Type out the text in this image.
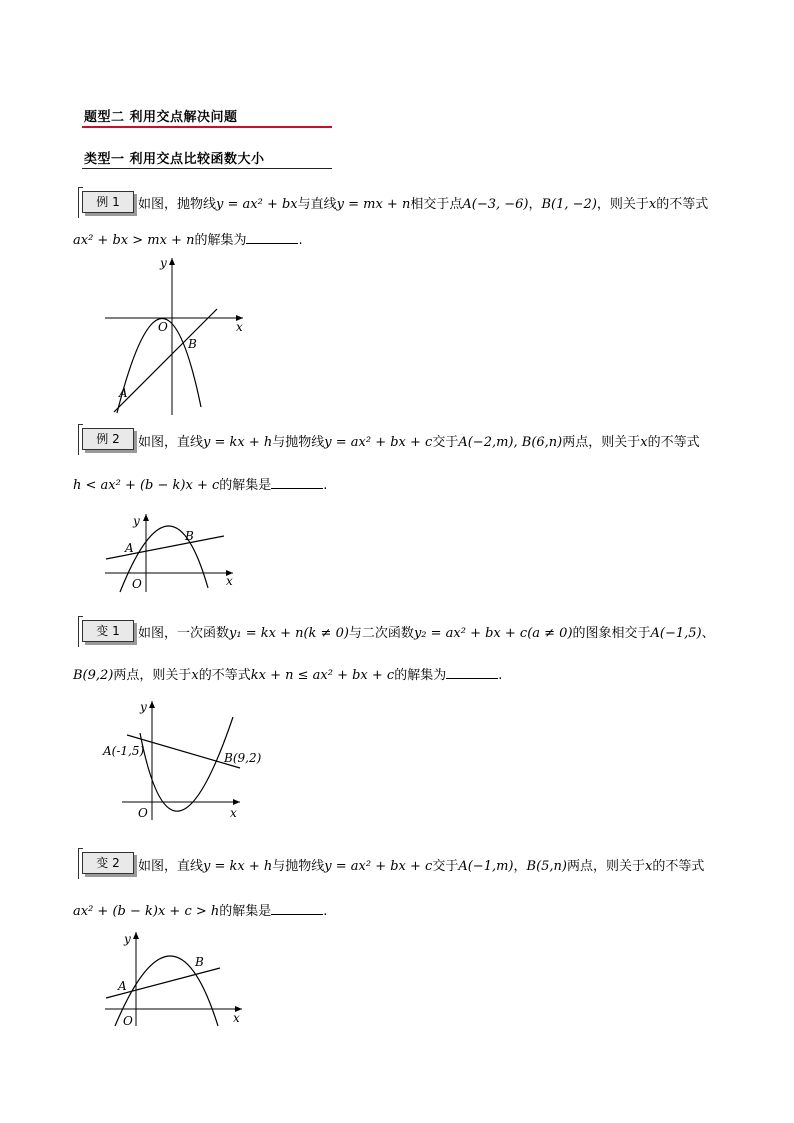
题型二 利用交点解决问题
类型一 利用交点比较函数大小
例 1	如图，抛物线y = ax² + bx与直线y = mx + n相交于点A(−3, −6)，B(1, −2)，则关于x的不等式
ax² + bx > mx + n的解集为	.
y
x
O
A
B
例 2	如图，直线y = kx + h与抛物线y = ax² + bx + c交于A(−2,m), B(6,n)两点，则关于x的不等式
h < ax² + (b − k)x + c的解集是	.
y
x
O
A
B
变 1	如图，一次函数y₁ = kx + n(k ≠ 0)与二次函数y₂ = ax² + bx + c(a ≠ 0)的图象相交于A(−1,5)、
B(9,2)两点，则关于x的不等式kx + n ≤ ax² + bx + c的解集为	.
y
x
O
A(-1,5)	B(9,2)
变 2	如图，直线y = kx + h与抛物线y = ax² + bx + c交于A(−1,m)，B(5,n)两点，则关于x的不等式
ax² + (b − k)x + c > h的解集是	.
y
x
O
A
B
